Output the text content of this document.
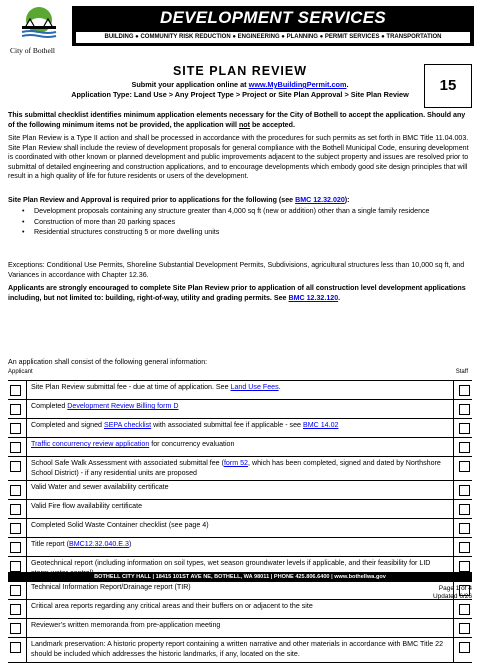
City of Bothell
DEVELOPMENT SERVICES
BUILDING ● COMMUNITY RISK REDUCTION ● ENGINEERING ● PLANNING ● PERMIT SERVICES ● TRANSPORTATION
SITE PLAN REVIEW
Submit your application online at www.MyBuildingPermit.com.
Application Type: Land Use > Any Project Type > Project or Site Plan Approval > Site Plan Review
15
This submittal checklist identifies minimum application elements necessary for the City of Bothell to accept the application. Should any of the following minimum items not be provided, the application will not be accepted.
Site Plan Review is a Type II action and shall be processed in accordance with the procedures for such permits as set forth in BMC Title 11.04.003. Site Plan Review shall include the review of development proposals for general compliance with the Bothell Municipal Code, ensuring development is coordinated with other known or planned development and public improvements adjacent to the subject property and issues are resolved prior to submittal of detailed engineering and construction applications, and to encourage developments which embody good site design principles that will result in a high quality of life for future residents or users of the development.
Site Plan Review and Approval is required prior to applications for the following (see BMC 12.32.020):
• Development proposals containing any structure greater than 4,000 sq ft (new or addition) other than a single family residence
• Construction of more than 20 parking spaces
• Residential structures constructing 5 or more dwelling units
Exceptions: Conditional Use Permits, Shoreline Substantial Development Permits, Subdivisions, agricultural structures less than 10,000 sq ft, and Variances in accordance with Chapter 12.36.
Applicants are strongly encouraged to complete Site Plan Review prior to application of all construction level development applications including, but not limited to: building, right-of-way, utility and grading permits. See BMC 12.32.120.
An application shall consist of the following general information:
Applicant	Staff
Site Plan Review submittal fee - due at time of application. See Land Use Fees.
Completed Development Review Billing form D
Completed and signed SEPA checklist with associated submittal fee if applicable - see BMC 14.02
Traffic concurrency review application for concurrency evaluation
School Safe Walk Assessment with associated submittal fee (form 52, which has been completed, signed and dated by Northshore School District) - if any residential units are proposed
Valid Water and sewer availability certificate
Valid Fire flow availability certificate
Completed Solid Waste Container checklist (see page 4)
Title report (BMC12.32.040.E.3)
Geotechnical report (including information on soil types, wet season groundwater levels if applicable, and their feasibility for LID
Technical Information Report/Drainage report (TIR)
Critical area reports regarding any critical areas and their buffers on or adjacent to the site
Reviewer’s written memoranda from pre-application meeting
Landmark preservation: A historic property report containing a written narrative and other materials in accordance with BMC Title 22 should be included which addresses the historic landmarks, if any, located on the site.
BOTHELL CITY HALL | 18415 101ST AVE NE, BOTHELL, WA 98011 | PHONE 425.806.6400 | www.bothellwa.gov
Page 1 of 4
Updated 6/26
